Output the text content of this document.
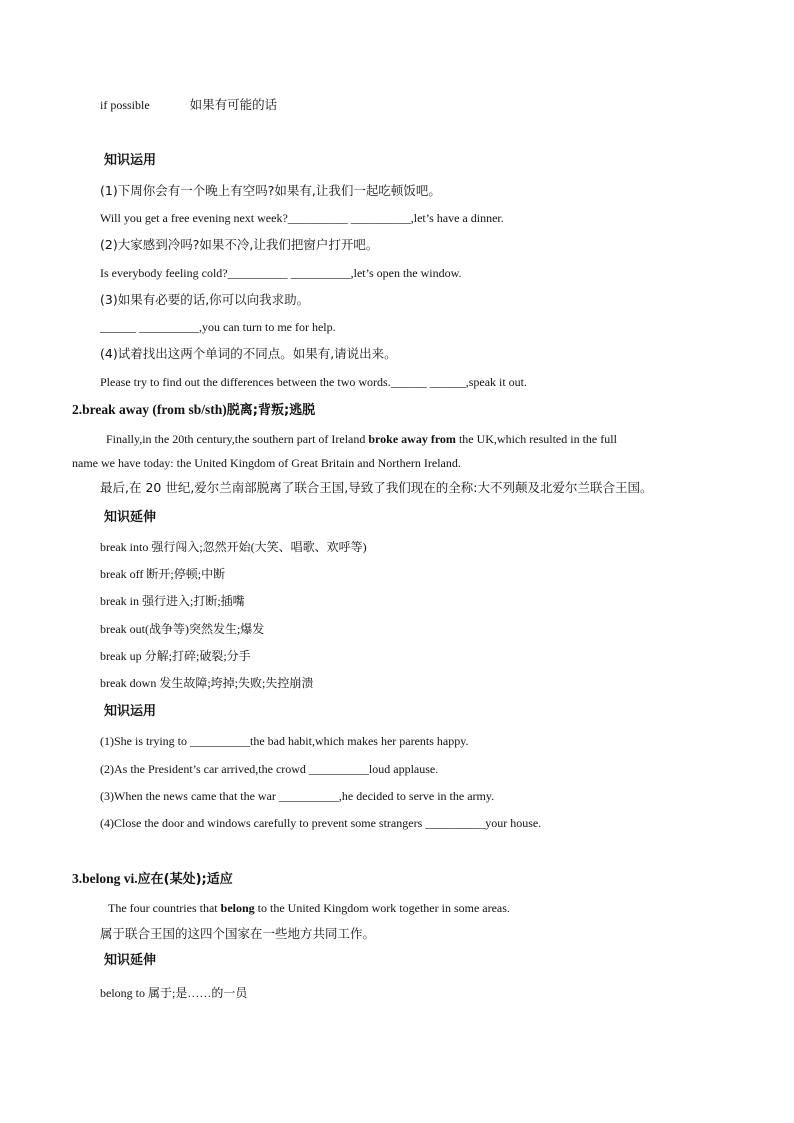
if possible	如果有可能的话
知识运用
(1)下周你会有一个晚上有空吗?如果有,让我们一起吃顿饭吧。
Will you get a free evening next week?__________ __________,let’s have a dinner.
(2)大家感到冷吗?如果不冷,让我们把窗户打开吧。
Is everybody feeling cold?__________ __________,let’s open the window.
(3)如果有必要的话,你可以向我求助。
______ __________,you can turn to me for help.
(4)试着找出这两个单词的不同点。如果有,请说出来。
Please try to find out the differences between the two words.______ ______,speak it out.
2.break away (from sb/sth)脱离;背叛;逃脱
Finally,in the 20th century,the southern part of Ireland broke away from the UK,which resulted in the full
name we have today: the United Kingdom of Great Britain and Northern Ireland.
最后,在 20 世纪,爱尔兰南部脱离了联合王国,导致了我们现在的全称:大不列颠及北爱尔兰联合王国。
知识延伸
break into 强行闯入;忽然开始(大笑、唱歌、欢呼等)
break off 断开;停顿;中断
break in 强行进入;打断;插嘴
break out(战争等)突然发生;爆发
break up 分解;打碎;破裂;分手
break down 发生故障;垮掉;失败;失控崩溃
知识运用
(1)She is trying to __________the bad habit,which makes her parents happy.
(2)As the President’s car arrived,the crowd __________loud applause.
(3)When the news came that the war __________,he decided to serve in the army.
(4)Close the door and windows carefully to prevent some strangers __________your house.
3.belong vi.应在(某处);适应
The four countries that belong to the United Kingdom work together in some areas.
属于联合王国的这四个国家在一些地方共同工作。
知识延伸
belong to 属于;是……的一员
